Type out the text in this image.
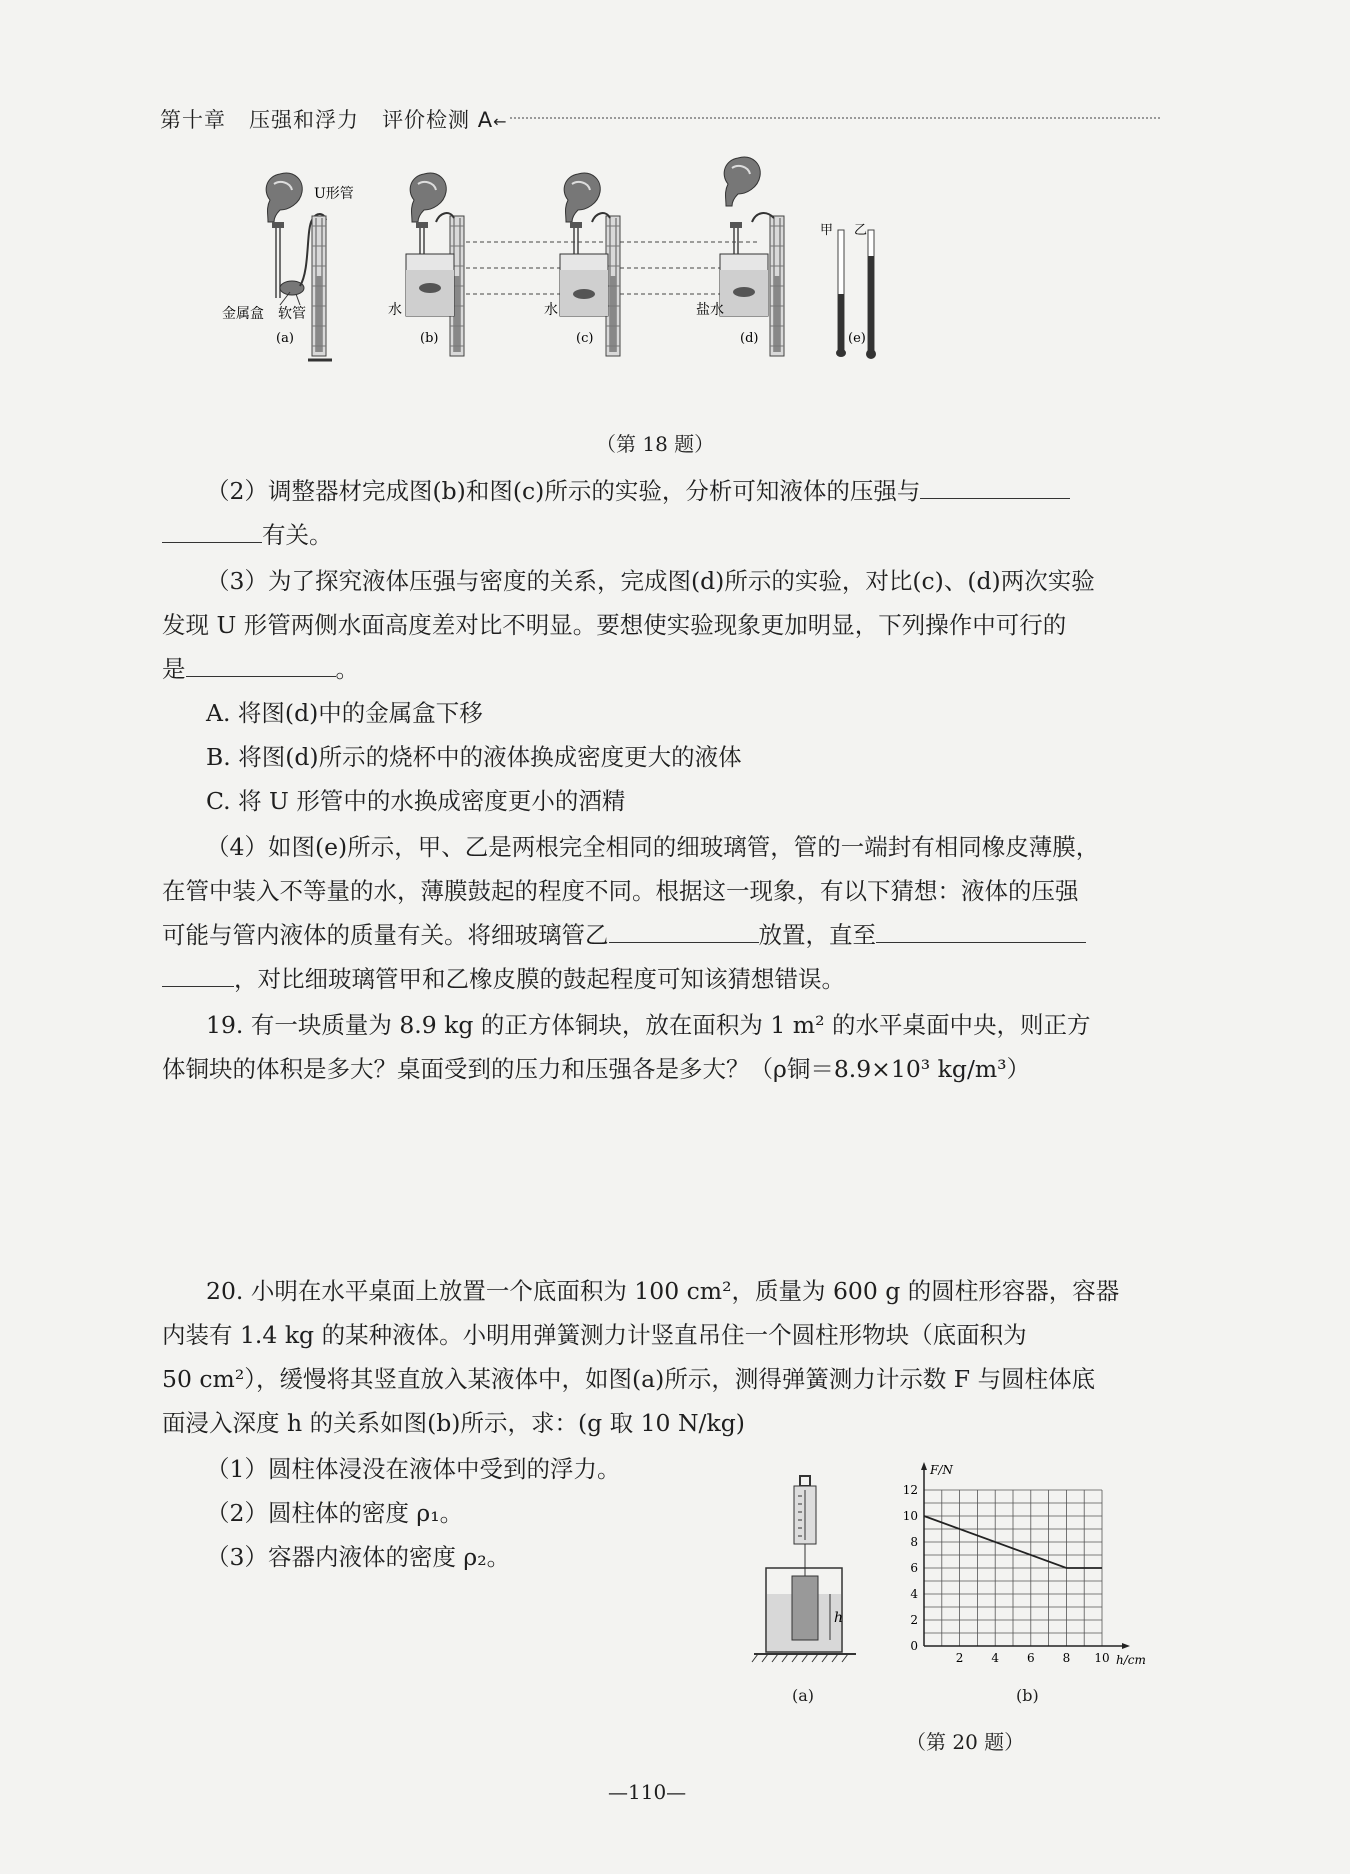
第十章 压强和浮力 评价检测 A←
U形管
金属盒 软管
(a)
水
(b)
水
(c)
盐水
(d)
甲 乙
(e)
（第 18 题）
（2）调整器材完成图(b)和图(c)所示的实验，分析可知液体的压强与
有关。
（3）为了探究液体压强与密度的关系，完成图(d)所示的实验，对比(c)、(d)两次实验
发现 U 形管两侧水面高度差对比不明显。要想使实验现象更加明显，下列操作中可行的
是	。
A. 将图(d)中的金属盒下移
B. 将图(d)所示的烧杯中的液体换成密度更大的液体
C. 将 U 形管中的水换成密度更小的酒精
（4）如图(e)所示，甲、乙是两根完全相同的细玻璃管，管的一端封有相同橡皮薄膜，
在管中装入不等量的水，薄膜鼓起的程度不同。根据这一现象，有以下猜想：液体的压强
可能与管内液体的质量有关。将细玻璃管乙	放置，直至
，对比细玻璃管甲和乙橡皮膜的鼓起程度可知该猜想错误。
19. 有一块质量为 8.9 kg 的正方体铜块，放在面积为 1 m² 的水平桌面中央，则正方
体铜块的体积是多大？桌面受到的压力和压强各是多大？（ρ铜＝8.9×10³ kg/m³）
20. 小明在水平桌面上放置一个底面积为 100 cm²，质量为 600 g 的圆柱形容器，容器
内装有 1.4 kg 的某种液体。小明用弹簧测力计竖直吊住一个圆柱形物块（底面积为
50 cm²），缓慢将其竖直放入某液体中，如图(a)所示，测得弹簧测力计示数 F 与圆柱体底
面浸入深度 h 的关系如图(b)所示，求：(g 取 10 N/kg)
（1）圆柱体浸没在液体中受到的浮力。
（2）圆柱体的密度 ρ₁。
（3）容器内液体的密度 ρ₂。
h
(a)
2 4 6 8 10
0
2
4
6
8
10
12
h/cm
F/N
(b)
（第 20 题）
—110—
